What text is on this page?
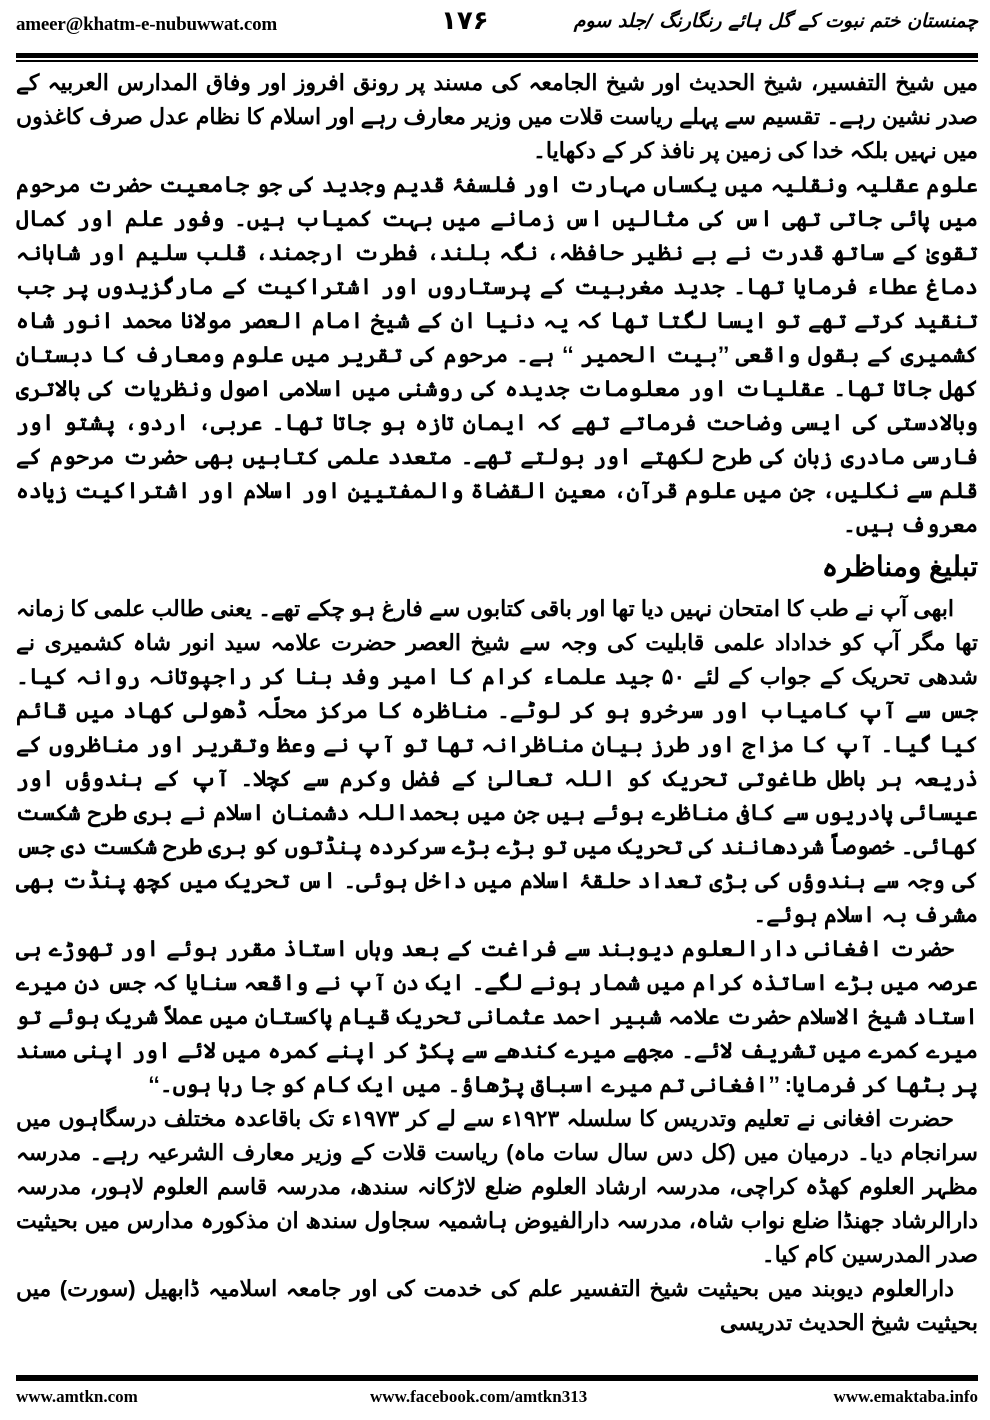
ameer@khatm-e-nubuwwat.com	۱۷۶	چمنستان ختم نبوت کے گل ہائے رنگارنگ /جلد سوم

میں شیخ التفسیر، شیخ الحدیث اور شیخ الجامعہ کی مسند پر رونق افروز اور وفاق المدارس العربیہ کے صدر نشین رہے۔ تقسیم سے پہلے ریاست قلات میں وزیر معارف رہے اور اسلام کا نظام عدل صرف کاغذوں میں نہیں بلکہ خدا کی زمین پر نافذ کر کے دکھایا۔

علوم عقلیہ ونقلیہ میں یکساں مہارت اور فلسفۂ قدیم وجدید کی جو جامعیت حضرت مرحوم میں پائی جاتی تھی اس کی مثالیں اس زمانے میں بہت کمیاب ہیں۔ وفور علم اور کمال تقویٰ کے ساتھ قدرت نے بے نظیر حافظہ، نگہ بلند، فطرت ارجمند، قلب سلیم اور شاہانہ دماغ عطاء فرمایا تھا۔ جدید مغربیت کے پرستاروں اور اشتراکیت کے مارگزیدوں پر جب تنقید کرتے تھے تو ایسا لگتا تھا کہ یہ دنیا ان کے شیخ امام العصر مولانا محمد انور شاہ کشمیری کے بقول واقعی ’’بیت الحمیر ‘‘ ہے۔ مرحوم کی تقریر میں علوم ومعارف کا دبستان کھل جاتا تھا۔ عقلیات اور معلومات جدیدہ کی روشنی میں اسلامی اصول ونظریات کی بالاتری وبالادستی کی ایسی وضاحت فرماتے تھے کہ ایمان تازہ ہو جاتا تھا۔ عربی، اردو، پشتو اور فارسی مادری زبان کی طرح لکھتے اور بولتے تھے۔ متعدد علمی کتابیں بھی حضرت مرحوم کے قلم سے نکلیں، جن میں علوم قرآن، معین القضاۃ والمفتیین اور اسلام اور اشتراکیت زیادہ معروف ہیں۔

تبلیغ ومناظرہ

ابھی آپ نے طب کا امتحان نہیں دیا تھا اور باقی کتابوں سے فارغ ہو چکے تھے۔ یعنی طالب علمی کا زمانہ تھا مگر آپ کو خداداد علمی قابلیت کی وجہ سے شیخ العصر حضرت علامہ سید انور شاہ کشمیری نے شدھی تحریک کے جواب کے لئے ۵۰ جید علماء کرام کا امیر وفد بنا کر راجپوتانہ روانہ کیا۔ جس سے آپ کامیاب اور سرخرو ہو کر لوٹے۔ مناظرہ کا مرکز محلّہ ڈھولی کھاد میں قائم کیا گیا۔ آپ کا مزاج اور طرز بیان مناظرانہ تھا تو آپ نے وعظ وتقریر اور مناظروں کے ذریعہ ہر باطل طاغوتی تحریک کو اللہ تعالیٰ کے فضل وکرم سے کچلا۔ آپ کے ہندوؤں اور عیسائی پادریوں سے کافی مناظرے ہوئے ہیں جن میں بحمداللہ دشمنان اسلام نے بری طرح شکست کھائی۔ خصوصاً شردھانند کی تحریک میں تو بڑے بڑے سرکردہ پنڈتوں کو بری طرح شکست دی جس کی وجہ سے ہندوؤں کی بڑی تعداد حلقۂ اسلام میں داخل ہوئی۔ اس تحریک میں کچھ پنڈت بھی مشرف بہ اسلام ہوئے۔

حضرت افغانی دارالعلوم دیوبند سے فراغت کے بعد وہاں استاذ مقرر ہوئے اور تھوڑے ہی عرصہ میں بڑے اساتذہ کرام میں شمار ہونے لگے۔ ایک دن آپ نے واقعہ سنایا کہ جس دن میرے استاد شیخ الاسلام حضرت علامہ شبیر احمد عثمانی تحریک قیام پاکستان میں عملاً شریک ہوئے تو میرے کمرے میں تشریف لائے۔ مجھے میرے کندھے سے پکڑ کر اپنے کمرہ میں لائے اور اپنی مسند پر بٹھا کر فرمایا: ’’افغانی تم میرے اسباق پڑھاؤ۔ میں ایک کام کو جا رہا ہوں۔‘‘

حضرت افغانی نے تعلیم وتدریس کا سلسلہ ۱۹۲۳ء سے لے کر ۱۹۷۳ء تک باقاعدہ مختلف درسگاہوں میں سرانجام دیا۔ درمیان میں (کل دس سال سات ماہ) ریاست قلات کے وزیر معارف الشرعیہ رہے۔ مدرسہ مظہر العلوم کھڈہ کراچی، مدرسہ ارشاد العلوم ضلع لاڑکانہ سندھ، مدرسہ قاسم العلوم لاہور، مدرسہ دارالرشاد جھنڈا ضلع نواب شاہ، مدرسہ دارالفیوض ہاشمیہ سجاول سندھ ان مذکورہ مدارس میں بحیثیت صدر المدرسین کام کیا۔

دارالعلوم دیوبند میں بحیثیت شیخ التفسیر علم کی خدمت کی اور جامعہ اسلامیہ ڈابھیل (سورت) میں بحیثیت شیخ الحدیث تدریسی

www.amtkn.com	www.facebook.com/amtkn313	www.emaktaba.info
